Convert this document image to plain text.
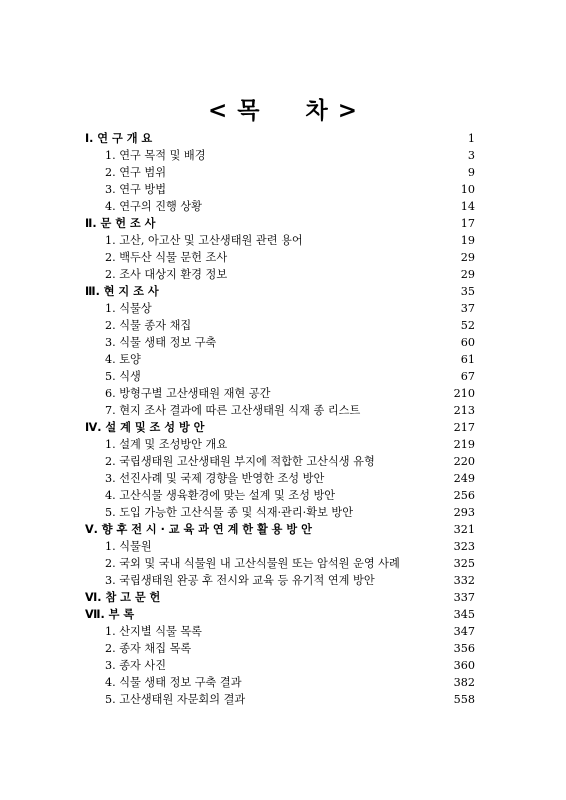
< 목     차 >
Ⅰ. 연 구 개 요	1
1. 연구 목적 및 배경	3
2. 연구 범위	9
3. 연구 방법	10
4. 연구의 진행 상황	14
Ⅱ. 문 헌 조 사	17
1. 고산, 아고산 및 고산생태원 관련 용어	19
2. 백두산 식물 문헌 조사	29
2. 조사 대상지 환경 정보	29
Ⅲ. 현 지 조 사	35
1. 식물상	37
2. 식물 종자 채집	52
3. 식물 생태 정보 구축	60
4. 토양	61
5. 식생	67
6. 방형구별 고산생태원 재현 공간	210
7. 현지 조사 결과에 따른 고산생태원 식재 종 리스트	213
Ⅳ. 설 계 및 조 성 방 안	217
1. 설계 및 조성방안 개요	219
2. 국립생태원 고산생태원 부지에 적합한 고산식생 유형	220
3. 선진사례 및 국제 경향을 반영한 조성 방안	249
4. 고산식물 생육환경에 맞는 설계 및 조성 방안	256
5. 도입 가능한 고산식물 종 및 식재·관리·확보 방안	293
Ⅴ. 향 후 전 시 · 교 육 과 연 계 한 활 용 방 안	321
1. 식물원	323
2. 국외 및 국내 식물원 내 고산식물원 또는 암석원 운영 사례	325
3. 국립생태원 완공 후 전시와 교육 등 유기적 연계 방안	332
Ⅵ. 참 고 문 헌	337
Ⅶ. 부 록	345
1. 산지별 식물 목록	347
2. 종자 채집 목록	356
3. 종자 사진	360
4. 식물 생태 정보 구축 결과	382
5. 고산생태원 자문회의 결과	558
